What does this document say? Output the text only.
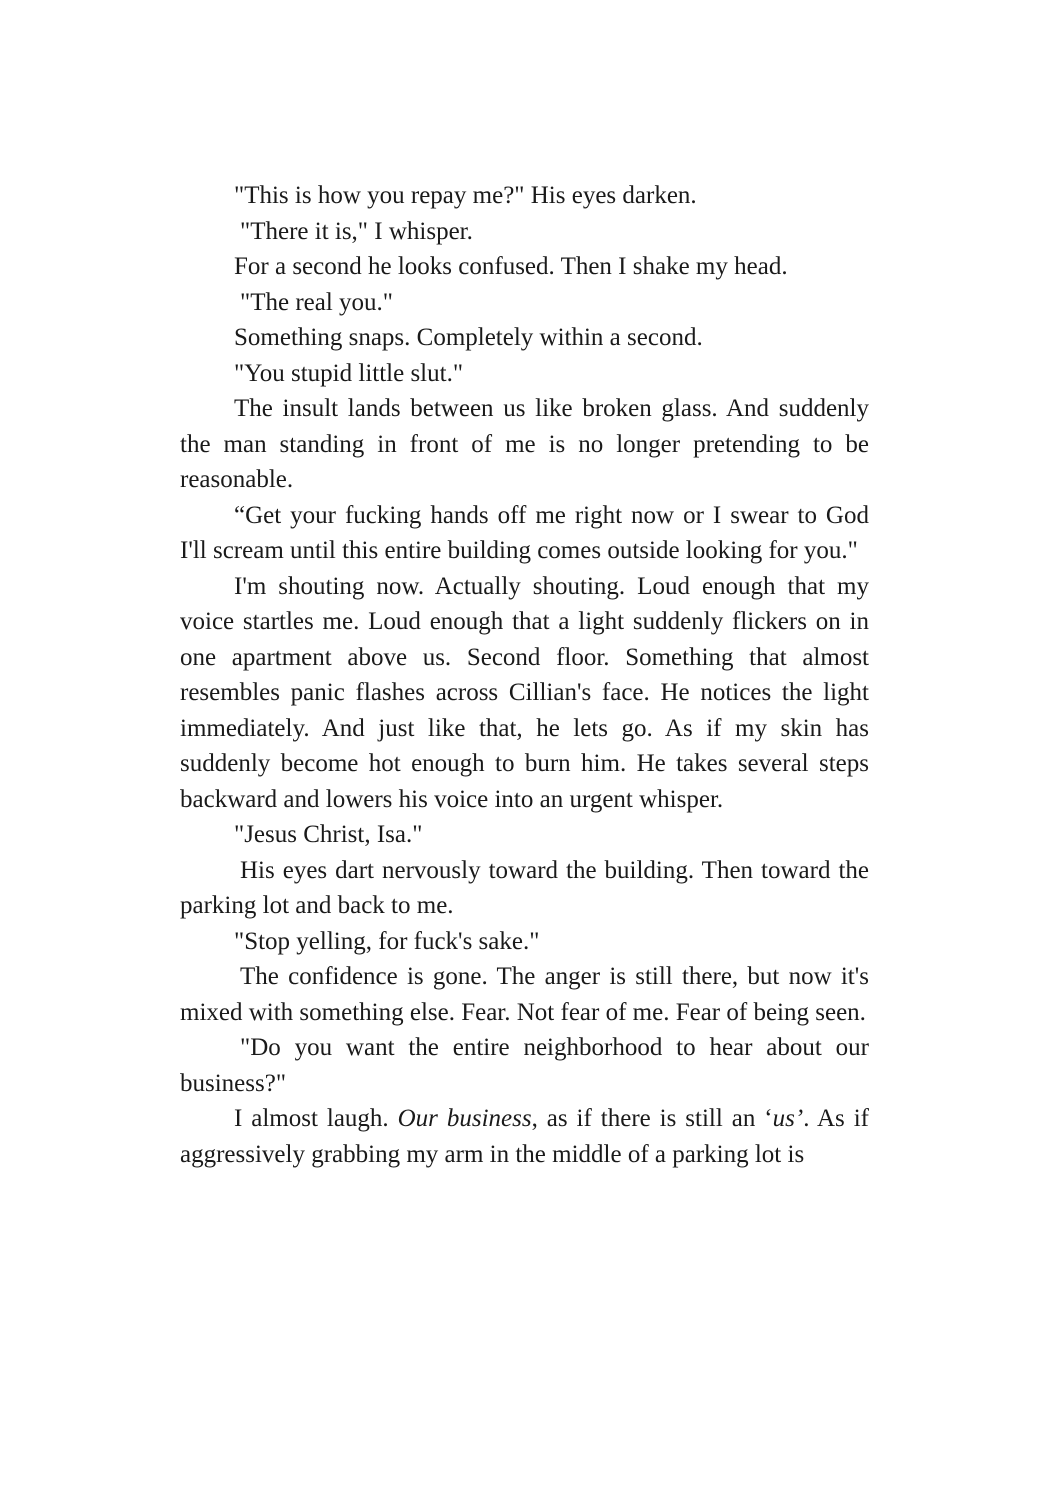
"This is how you repay me?" His eyes darken.

"There it is," I whisper.

For a second he looks confused. Then I shake my head.

"The real you."

Something snaps. Completely within a second.

"You stupid little slut."

The insult lands between us like broken glass. And suddenly the man standing in front of me is no longer pretending to be reasonable.

“Get your fucking hands off me right now or I swear to God I'll scream until this entire building comes outside looking for you."

I'm shouting now. Actually shouting. Loud enough that my voice startles me. Loud enough that a light suddenly flickers on in one apartment above us. Second floor. Something that almost resembles panic flashes across Cillian's face. He notices the light immediately. And just like that, he lets go. As if my skin has suddenly become hot enough to burn him. He takes several steps backward and lowers his voice into an urgent whisper.

"Jesus Christ, Isa."

His eyes dart nervously toward the building. Then toward the parking lot and back to me.

"Stop yelling, for fuck's sake."

The confidence is gone. The anger is still there, but now it's mixed with something else. Fear. Not fear of me. Fear of being seen.

"Do you want the entire neighborhood to hear about our business?"

I almost laugh. Our business, as if there is still an ‘us’. As if aggressively grabbing my arm in the middle of a parking lot is
